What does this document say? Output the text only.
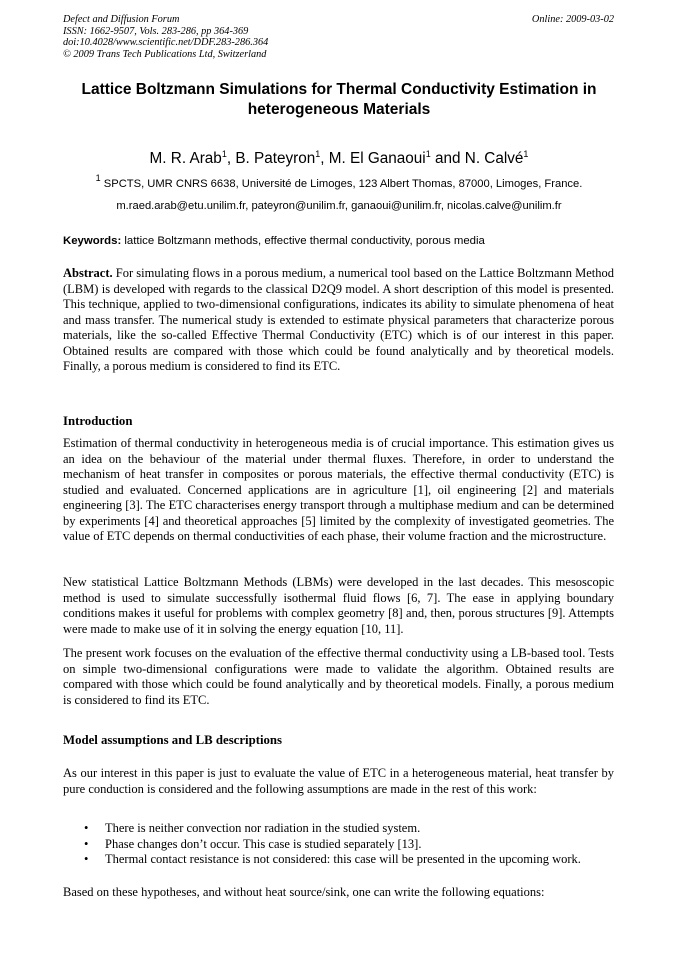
Defect and Diffusion Forum
ISSN: 1662-9507, Vols. 283-286, pp 364-369
doi:10.4028/www.scientific.net/DDF.283-286.364
© 2009 Trans Tech Publications Ltd, Switzerland
Online: 2009-03-02
Lattice Boltzmann Simulations for Thermal Conductivity Estimation in heterogeneous Materials
M. R. Arab$^1$, B. Pateyron$^1$, M. El Ganaoui$^1$ and N. Calvé$^1$
$^1$ SPCTS, UMR CNRS 6638, Université de Limoges, 123 Albert Thomas, 87000, Limoges, France.
m.raed.arab@etu.unilim.fr, pateyron@unilim.fr, ganaoui@unilim.fr, nicolas.calve@unilim.fr
Keywords: lattice Boltzmann methods, effective thermal conductivity, porous media
Abstract. For simulating flows in a porous medium, a numerical tool based on the Lattice Boltzmann Method (LBM) is developed with regards to the classical D2Q9 model. A short description of this model is presented. This technique, applied to two-dimensional configurations, indicates its ability to simulate phenomena of heat and mass transfer. The numerical study is extended to estimate physical parameters that characterize porous materials, like the so-called Effective Thermal Conductivity (ETC) which is of our interest in this paper. Obtained results are compared with those which could be found analytically and by theoretical models. Finally, a porous medium is considered to find its ETC.
Introduction
Estimation of thermal conductivity in heterogeneous media is of crucial importance. This estimation gives us an idea on the behaviour of the material under thermal fluxes. Therefore, in order to understand the mechanism of heat transfer in composites or porous materials, the effective thermal conductivity (ETC) is studied and evaluated. Concerned applications are in agriculture [1], oil engineering [2] and materials engineering [3]. The ETC characterises energy transport through a multiphase medium and can be determined by experiments [4] and theoretical approaches [5] limited by the complexity of investigated geometries. The value of ETC depends on thermal conductivities of each phase, their volume fraction and the microstructure.
New statistical Lattice Boltzmann Methods (LBMs) were developed in the last decades. This mesoscopic method is used to simulate successfully isothermal fluid flows [6, 7]. The ease in applying boundary conditions makes it useful for problems with complex geometry [8] and, then, porous structures [9]. Attempts were made to make use of it in solving the energy equation [10, 11].
The present work focuses on the evaluation of the effective thermal conductivity using a LB-based tool. Tests on simple two-dimensional configurations were made to validate the algorithm. Obtained results are compared with those which could be found analytically and by theoretical models. Finally, a porous medium is considered to find its ETC.
Model assumptions and LB descriptions
As our interest in this paper is just to evaluate the value of ETC in a heterogeneous material, heat transfer by pure conduction is considered and the following assumptions are made in the rest of this work:
• There is neither convection nor radiation in the studied system.
• Phase changes don’t occur. This case is studied separately [13].
• Thermal contact resistance is not considered: this case will be presented in the upcoming work.
Based on these hypotheses, and without heat source/sink, one can write the following equations:
